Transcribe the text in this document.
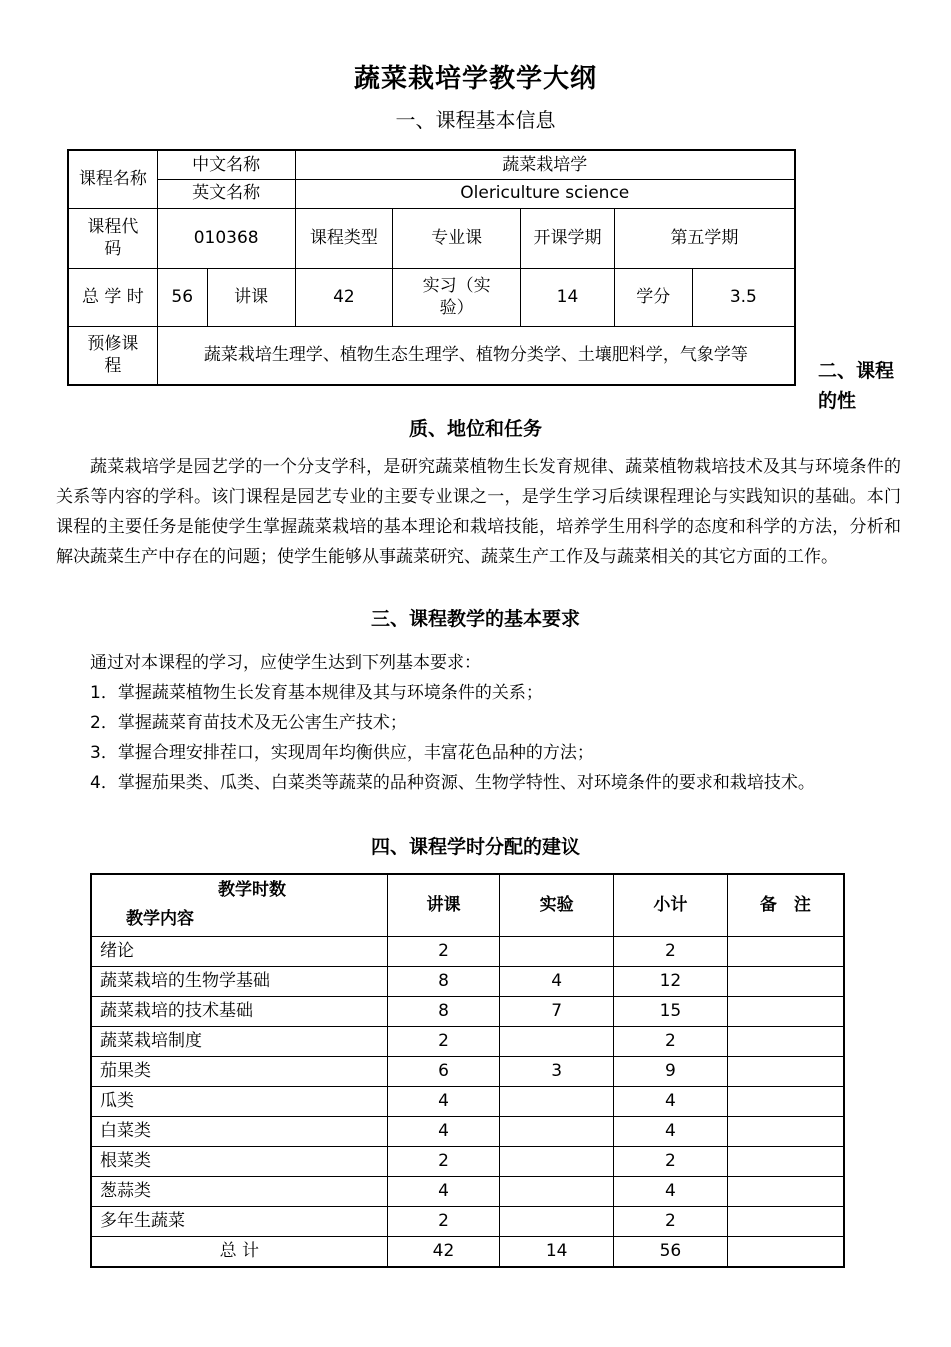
蔬菜栽培学教学大纲
一、课程基本信息
课程名称	中文名称		蔬菜栽培学				
	英文名称		Olericulture science				
课程代码	010368		课程类型	专业课	开课学期	第五学期	
总 学 时	56	讲课	42	实习（实验）	14	学分	3.5
预修课程	蔬菜栽培生理学、植物生态生理学、植物分类学、土壤肥料学，气象学等						
二、课程的性
质、地位和任务

蔬菜栽培学是园艺学的一个分支学科，是研究蔬菜植物生长发育规律、蔬菜植物栽培技术及其与环境条件的关系等内容的学科。该门课程是园艺专业的主要专业课之一，是学生学习后续课程理论与实践知识的基础。本门课程的主要任务是能使学生掌握蔬菜栽培的基本理论和栽培技能，培养学生用科学的态度和科学的方法，分析和解决蔬菜生产中存在的问题；使学生能够从事蔬菜研究、蔬菜生产工作及与蔬菜相关的其它方面的工作。

三、课程教学的基本要求
通过对本课程的学习，应使学生达到下列基本要求：
1．掌握蔬菜植物生长发育基本规律及其与环境条件的关系；
2．掌握蔬菜育苗技术及无公害生产技术；
3．掌握合理安排茬口，实现周年均衡供应，丰富花色品种的方法；
4．掌握茄果类、瓜类、白菜类等蔬菜的品种资源、生物学特性、对环境条件的要求和栽培技术。
四、课程学时分配的建议
教学时数
教学内容	讲课	实验	小计	备　注
绪论	2		2	
蔬菜栽培的生物学基础	8	4	12	
蔬菜栽培的技术基础	8	7	15	
蔬菜栽培制度	2		2	
茄果类	6	3	9	
瓜类	4		4	
白菜类	4		4	
根菜类	2		2	
葱蒜类	4		4	
多年生蔬菜	2		2	
总 计	42	14	56	
